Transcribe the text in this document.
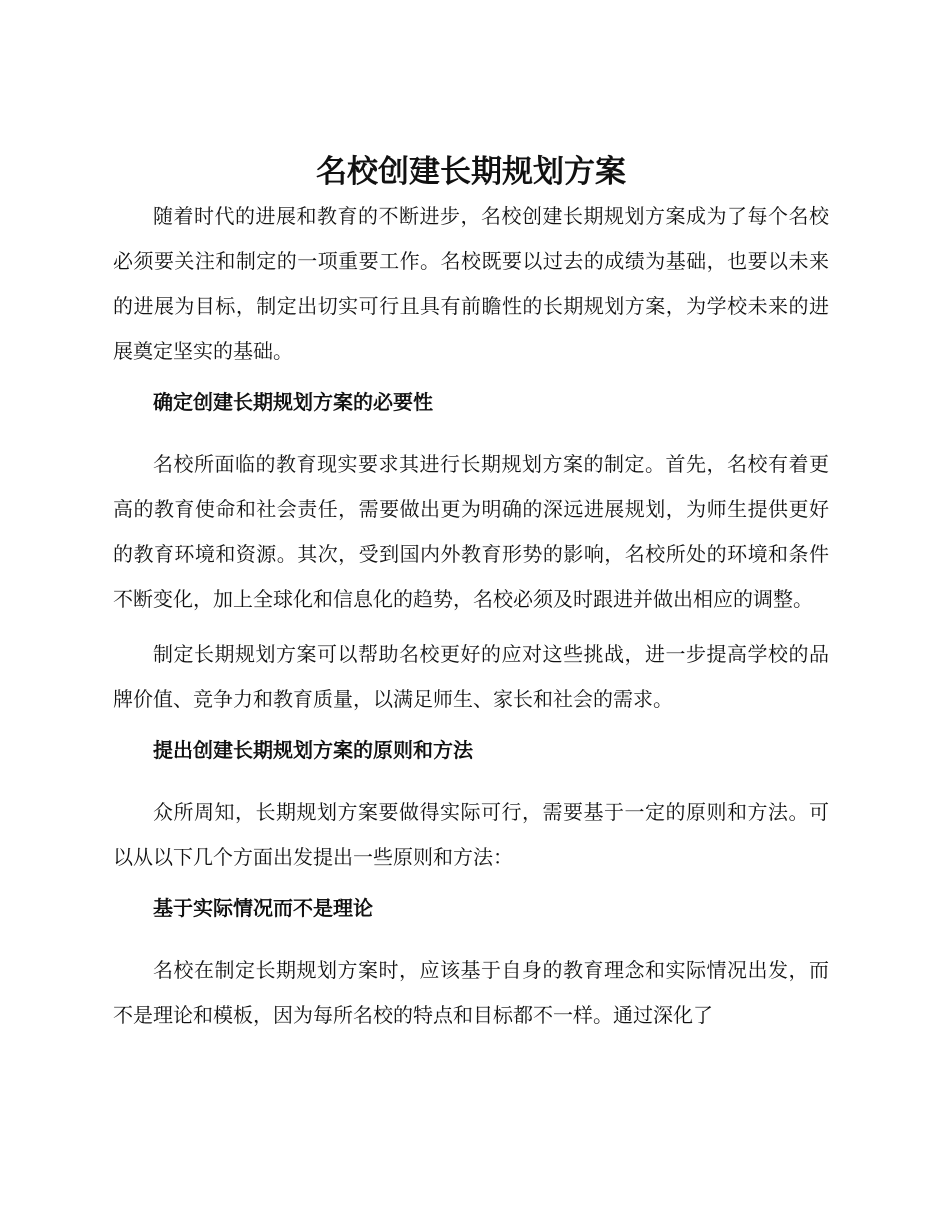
名校创建长期规划方案

随着时代的进展和教育的不断进步，名校创建长期规划方案成为了每个名校必须要关注和制定的一项重要工作。名校既要以过去的成绩为基础，也要以未来的进展为目标，制定出切实可行且具有前瞻性的长期规划方案，为学校未来的进展奠定坚实的基础。

确定创建长期规划方案的必要性

名校所面临的教育现实要求其进行长期规划方案的制定。首先，名校有着更高的教育使命和社会责任，需要做出更为明确的深远进展规划，为师生提供更好的教育环境和资源。其次，受到国内外教育形势的影响，名校所处的环境和条件不断变化，加上全球化和信息化的趋势，名校必须及时跟进并做出相应的调整。

制定长期规划方案可以帮助名校更好的应对这些挑战，进一步提高学校的品牌价值、竞争力和教育质量，以满足师生、家长和社会的需求。

提出创建长期规划方案的原则和方法

众所周知，长期规划方案要做得实际可行，需要基于一定的原则和方法。可以从以下几个方面出发提出一些原则和方法：

基于实际情况而不是理论

名校在制定长期规划方案时，应该基于自身的教育理念和实际情况出发，而不是理论和模板，因为每所名校的特点和目标都不一样。通过深化了
